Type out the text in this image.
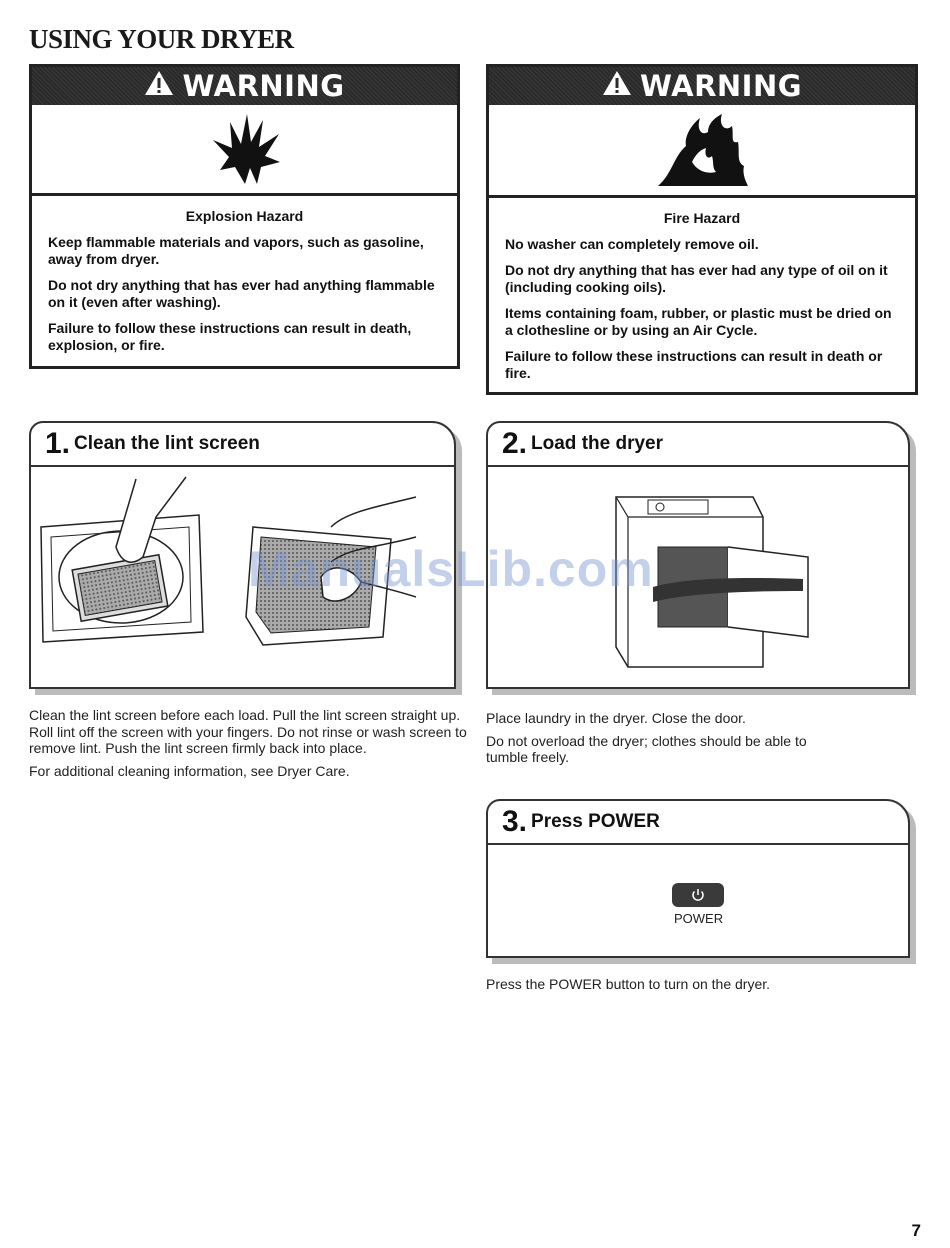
USING YOUR DRYER
WARNING
Explosion Hazard

Keep flammable materials and vapors, such as gasoline, away from dryer.

Do not dry anything that has ever had anything flammable on it (even after washing).

Failure to follow these instructions can result in death, explosion, or fire.

WARNING
Fire Hazard

No washer can completely remove oil.

Do not dry anything that has ever had any type of oil on it (including cooking oils).

Items containing foam, rubber, or plastic must be dried on a clothesline or by using an Air Cycle.

Failure to follow these instructions can result in death or fire.

1. Clean the lint screen

Clean the lint screen before each load. Pull the lint screen straight up. Roll lint off the screen with your fingers. Do not rinse or wash screen to remove lint. Push the lint screen firmly back into place.

For additional cleaning information, see Dryer Care.

2. Load the dryer

Place laundry in the dryer. Close the door.

Do not overload the dryer; clothes should be able to tumble freely.

3. Press POWER
POWER

Press the POWER button to turn on the dryer.

ManualsLib.com
7
